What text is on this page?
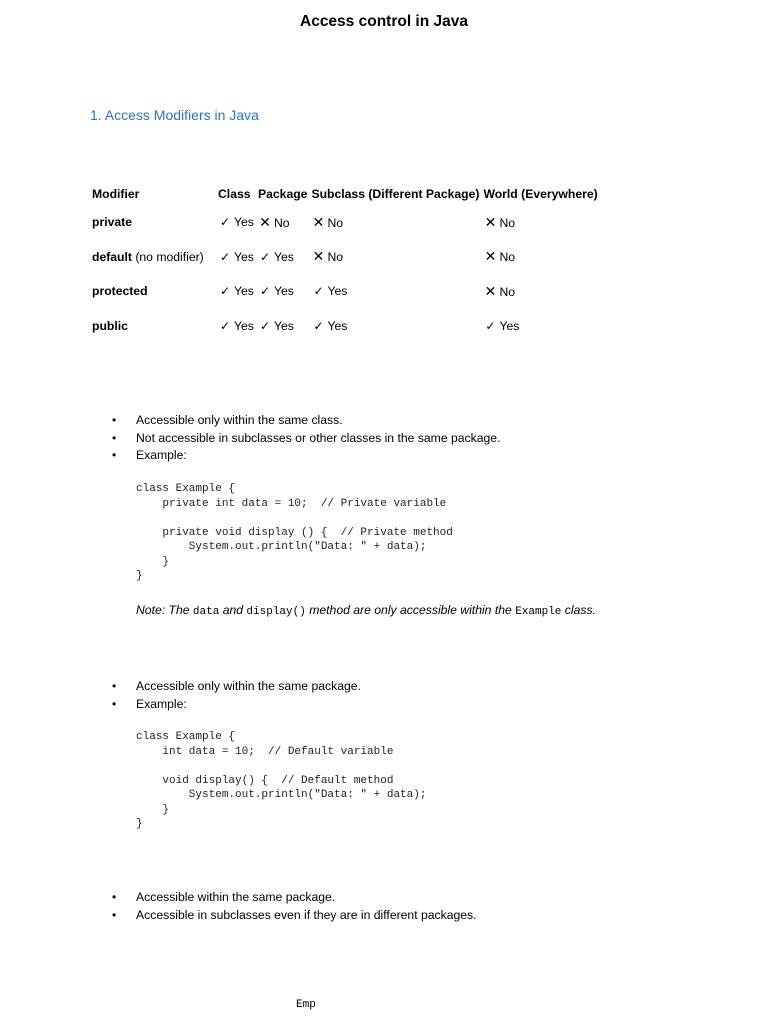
Access control in Java
1. Access Modifiers in Java
Modifier	Class	Package	Subclass (Different Package)	World (Everywhere)
private	✓ Yes	✕ No	✕ No	✕ No
default (no modifier)	✓ Yes	✓ Yes	✕ No	✕ No
protected	✓ Yes	✓ Yes	✓ Yes	✕ No
public	✓ Yes	✓ Yes	✓ Yes	✓ Yes
• Accessible only within the same class.
• Not accessible in subclasses or other classes in the same package.
• Example:
class Example {
private int data = 10;  // Private variable

private void display () {  // Private method
System.out.println("Data: " + data);
}
}
Note: The data and display() method are only accessible within the Example class.
• Accessible only within the same package.
• Example:
class Example {
int data = 10;  // Default variable

void display() {  // Default method
System.out.println("Data: " + data);
}
}
• Accessible within the same package.
• Accessible in subclasses even if they are in different packages.
Emp
